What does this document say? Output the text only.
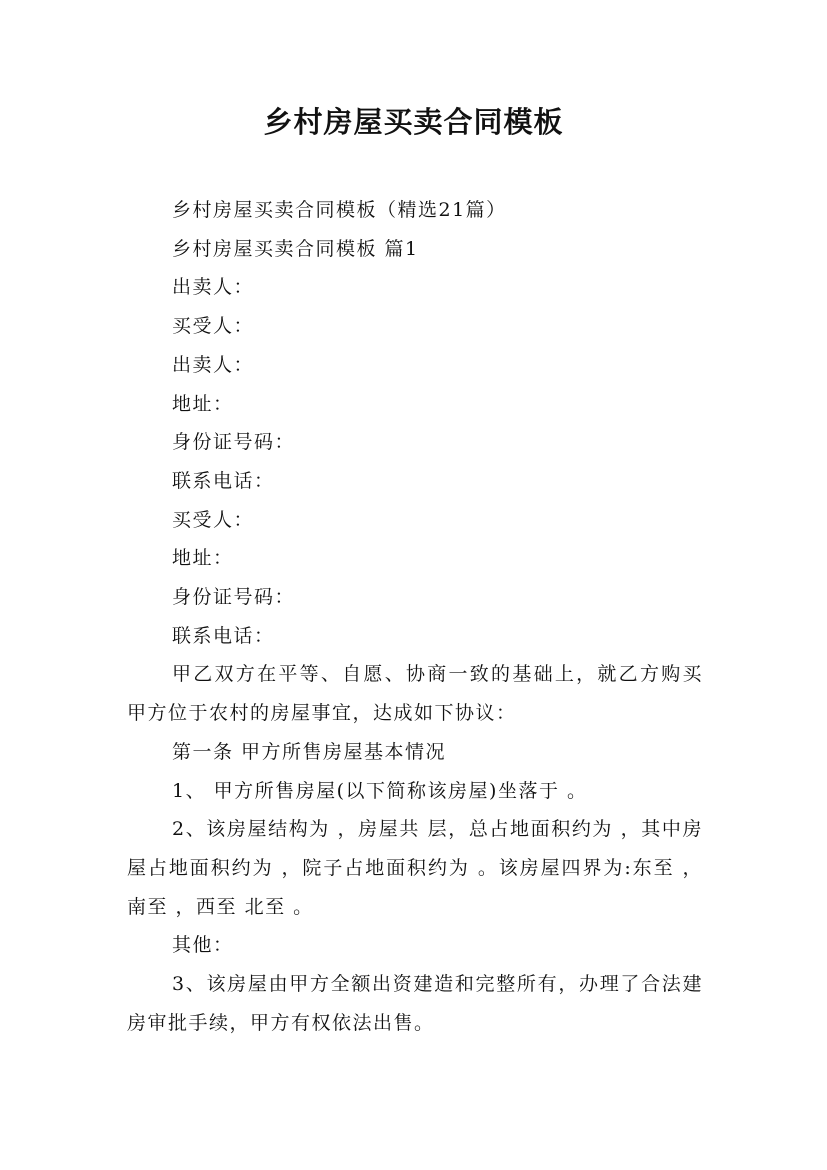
乡村房屋买卖合同模板

乡村房屋买卖合同模板（精选21篇）

乡村房屋买卖合同模板 篇1

出卖人：

买受人：

出卖人：

地址：

身份证号码：

联系电话：

买受人：

地址：

身份证号码：

联系电话：

甲乙双方在平等、自愿、协商一致的基础上，就乙方购买甲方位于农村的房屋事宜，达成如下协议：

第一条 甲方所售房屋基本情况

1、 甲方所售房屋(以下简称该房屋)坐落于 。

2、该房屋结构为 ，房屋共 层，总占地面积约为 ，其中房屋占地面积约为 ，院子占地面积约为 。该房屋四界为:东至 ，南至 ，西至 北至 。

其他：

3、该房屋由甲方全额出资建造和完整所有，办理了合法建房审批手续，甲方有权依法出售。
